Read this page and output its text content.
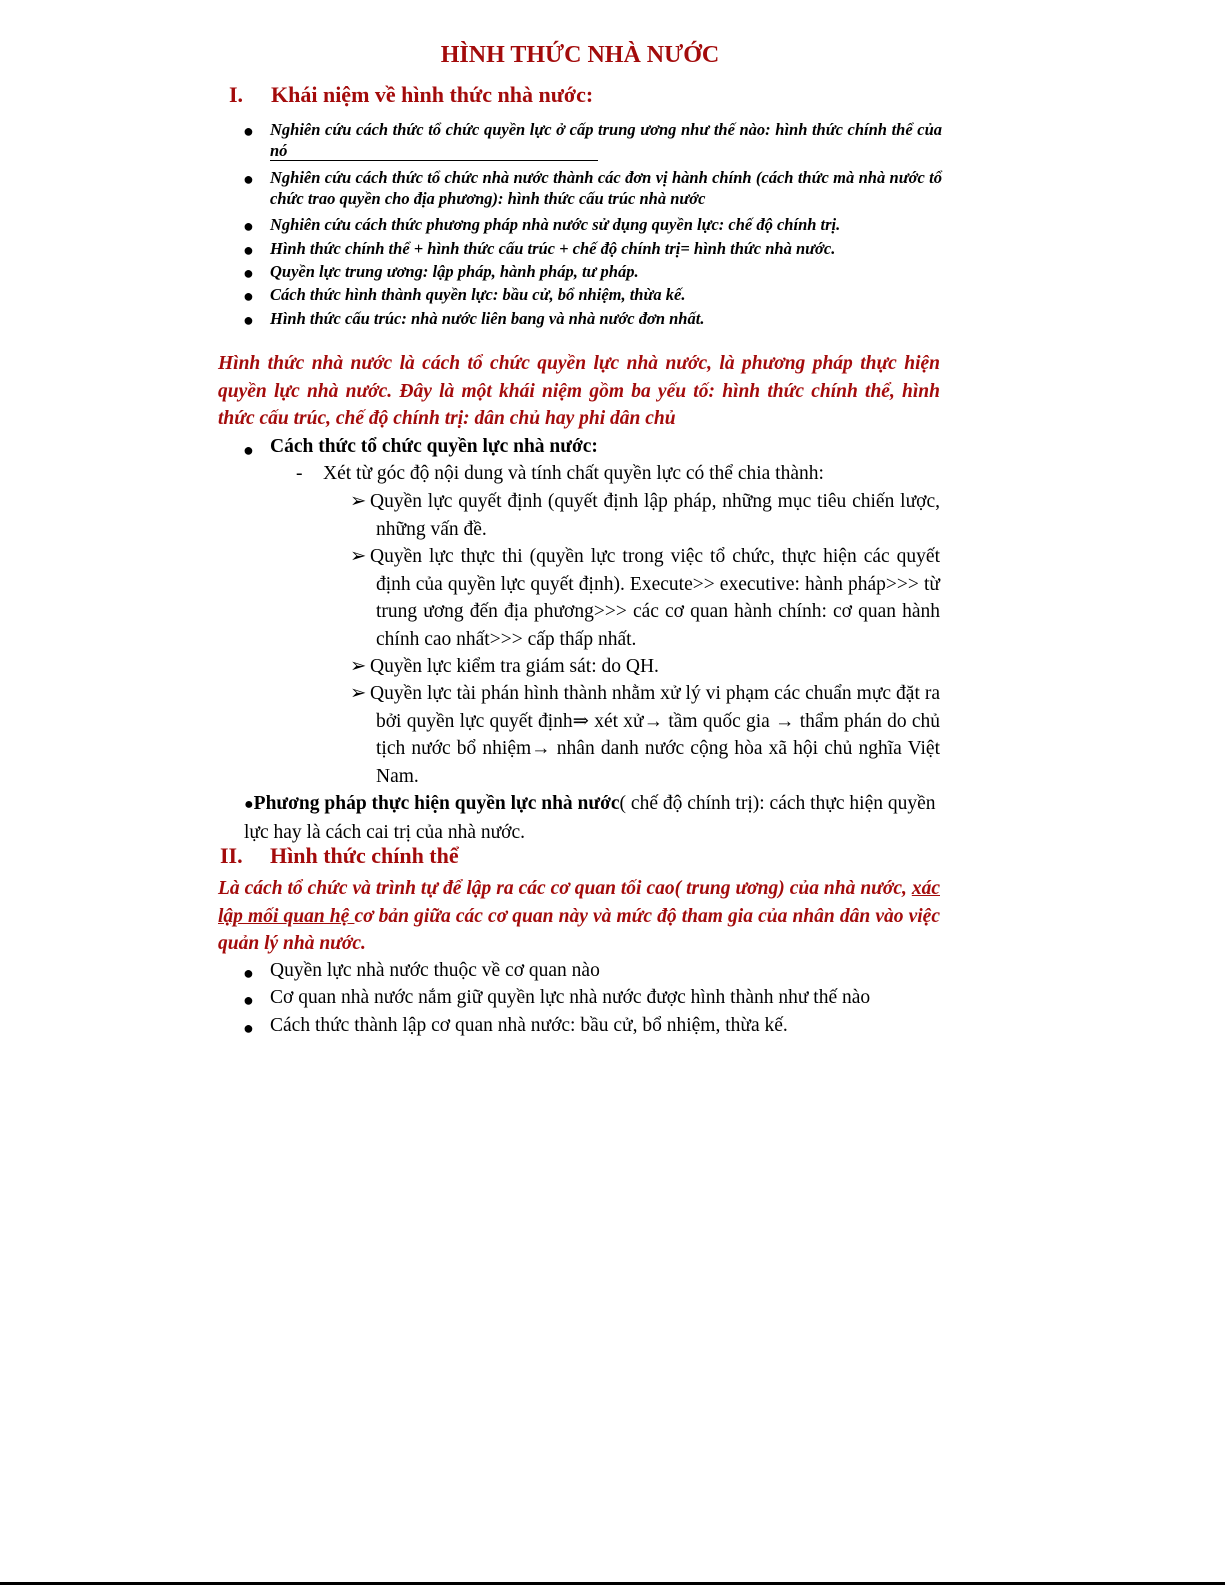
HÌNH THỨC NHÀ NƯỚC
I. Khái niệm về hình thức nhà nước:
● Nghiên cứu cách thức tổ chức quyền lực ở cấp trung ương như thế nào: hình thức chính thể của nó
● Nghiên cứu cách thức tổ chức nhà nước thành các đơn vị hành chính (cách thức mà nhà nước tổ chức trao quyền cho địa phương): hình thức cấu trúc nhà nước
● Nghiên cứu cách thức phương pháp nhà nước sử dụng quyền lực: chế độ chính trị.
● Hình thức chính thể + hình thức cấu trúc + chế độ chính trị= hình thức nhà nước.
● Quyền lực trung ương: lập pháp, hành pháp, tư pháp.
● Cách thức hình thành quyền lực: bầu cử, bổ nhiệm, thừa kế.
● Hình thức cấu trúc: nhà nước liên bang và nhà nước đơn nhất.
Hình thức nhà nước là cách tổ chức quyền lực nhà nước, là phương pháp thực hiện quyền lực nhà nước. Đây là một khái niệm gồm ba yếu tố: hình thức chính thể, hình thức cấu trúc, chế độ chính trị: dân chủ hay phi dân chủ
● Cách thức tổ chức quyền lực nhà nước:
- Xét từ góc độ nội dung và tính chất quyền lực có thể chia thành:
➢ Quyền lực quyết định (quyết định lập pháp, những mục tiêu chiến lược, những vấn đề.
➢ Quyền lực thực thi (quyền lực trong việc tổ chức, thực hiện các quyết định của quyền lực quyết định). Execute>> executive: hành pháp>>> từ trung ương đến địa phương>>> các cơ quan hành chính: cơ quan hành chính cao nhất>>> cấp thấp nhất.
➢ Quyền lực kiểm tra giám sát: do QH.
➢ Quyền lực tài phán hình thành nhằm xử lý vi phạm các chuẩn mực đặt ra bởi quyền lực quyết định⇒ xét xử→ tầm quốc gia → thẩm phán do chủ tịch nước bổ nhiệm→ nhân danh nước cộng hòa xã hội chủ nghĩa Việt Nam.
●Phương pháp thực hiện quyền lực nhà nước( chế độ chính trị): cách thực hiện quyền lực hay là cách cai trị của nhà nước.
II. Hình thức chính thể
Là cách tổ chức và trình tự để lập ra các cơ quan tối cao( trung ương) của nhà nước, xác lập mối quan hệ cơ bản giữa các cơ quan này và mức độ tham gia của nhân dân vào việc quản lý nhà nước.
● Quyền lực nhà nước thuộc về cơ quan nào
● Cơ quan nhà nước nắm giữ quyền lực nhà nước được hình thành như thế nào
● Cách thức thành lập cơ quan nhà nước: bầu cử, bổ nhiệm, thừa kế.
